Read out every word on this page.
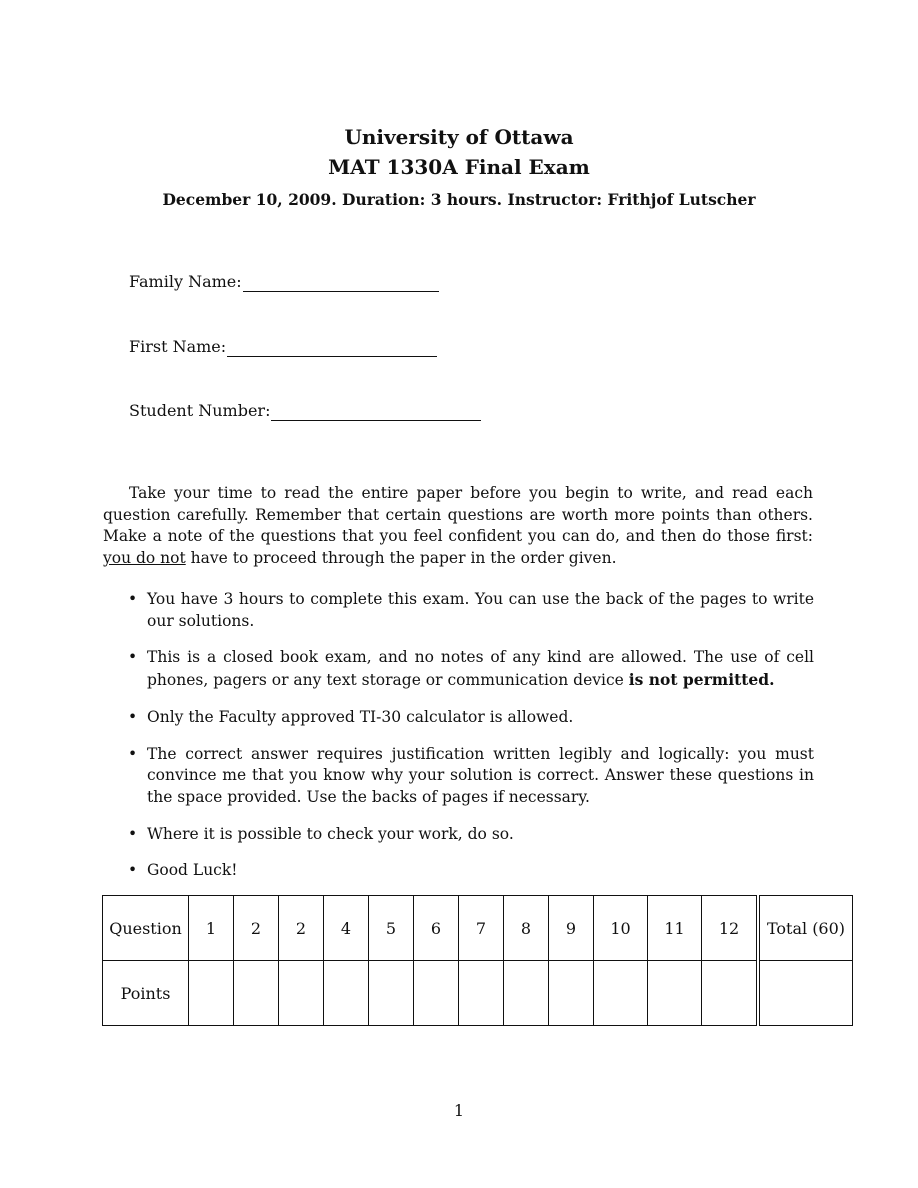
University of Ottawa
MAT 1330A Final Exam
December 10, 2009. Duration: 3 hours. Instructor: Frithjof Lutscher
Family Name:
First Name:
Student Number:

Take your time to read the entire paper before you begin to write, and read each question carefully. Remember that certain questions are worth more points than others. Make a note of the questions that you feel confident you can do, and then do those first: you do not have to proceed through the paper in the order given.

• You have 3 hours to complete this exam. You can use the back of the pages to write our solutions.
• This is a closed book exam, and no notes of any kind are allowed. The use of cell phones, pagers or any text storage or communication device is not permitted.
• Only the Faculty approved TI-30 calculator is allowed.
• The correct answer requires justification written legibly and logically: you must convince me that you know why your solution is correct. Answer these questions in the space provided. Use the backs of pages if necessary.
• Where it is possible to check your work, do so.
• Good Luck!
Question	1	2	2	4	5	6	7	8	9	10	11	12	Total (60)
Points													
1
